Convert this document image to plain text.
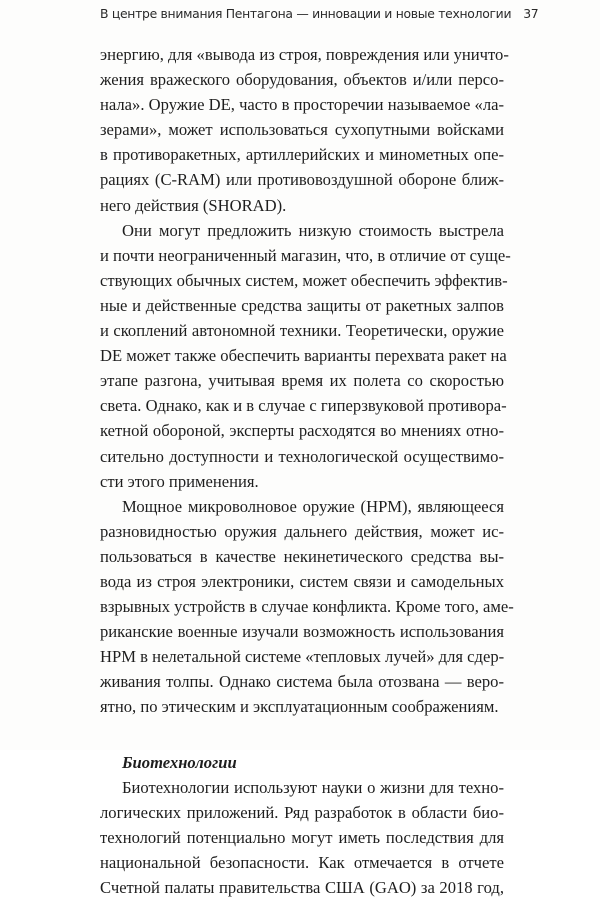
В центре внимания Пентагона — инновации и новые технологии 37

энергию, для «вывода из строя, повреждения или уничто-
жения вражеского оборудования, объектов и/или персо-
нала». Оружие DE, часто в просторечии называемое «ла-
зерами», может использоваться сухопутными войсками
в противоракетных, артиллерийских и минометных опе-
рациях (C-RAM) или противовоздушной обороне ближ-
него действия (SHORAD).

Они могут предложить низкую стоимость выстрела
и почти неограниченный магазин, что, в отличие от суще-
ствующих обычных систем, может обеспечить эффектив-
ные и действенные средства защиты от ракетных залпов
и скоплений автономной техники. Теоретически, оружие
DE может также обеспечить варианты перехвата ракет на
этапе разгона, учитывая время их полета со скоростью
света. Однако, как и в случае с гиперзвуковой противора-
кетной обороной, эксперты расходятся во мнениях отно-
сительно доступности и технологической осуществимо-
сти этого применения.

Мощное микроволновое оружие (HPM), являющееся
разновидностью оружия дальнего действия, может ис-
пользоваться в качестве некинетического средства вы-
вода из строя электроники, систем связи и самодельных
взрывных устройств в случае конфликта. Кроме того, аме-
риканские военные изучали возможность использования
HPM в нелетальной системе «тепловых лучей» для сдер-
живания толпы. Однако система была отозвана — веро-
ятно, по этическим и эксплуатационным соображениям.

Биотехнологии

Биотехнологии используют науки о жизни для техно-
логических приложений. Ряд разработок в области био-
технологий потенциально могут иметь последствия для
национальной безопасности. Как отмечается в отчете
Счетной палаты правительства США (GAO) за 2018 год,
